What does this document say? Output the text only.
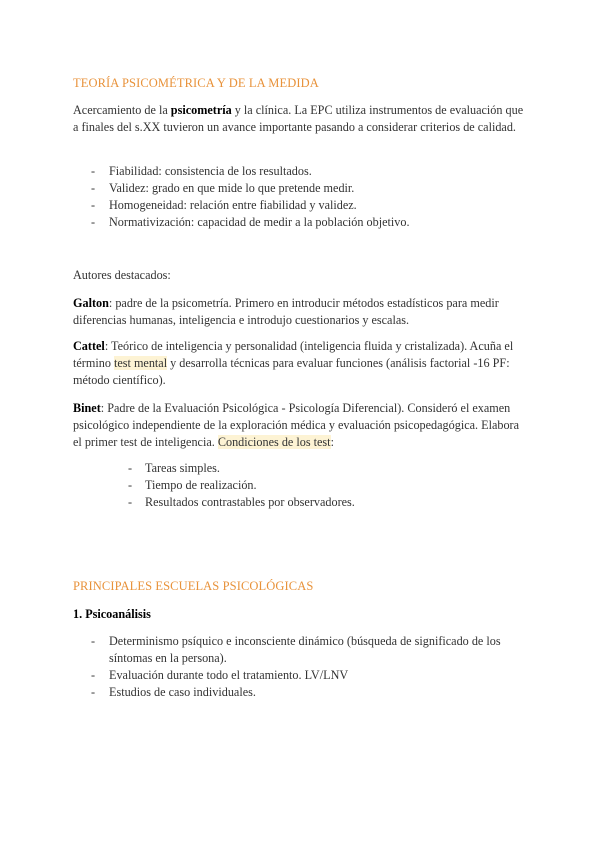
TEORÍA PSICOMÉTRICA Y DE LA MEDIDA

Acercamiento de la psicometría y la clínica. La EPC utiliza instrumentos de evaluación que a finales del s.XX tuvieron un avance importante pasando a considerar criterios de calidad.

- Fiabilidad: consistencia de los resultados.
- Validez: grado en que mide lo que pretende medir.
- Homogeneidad: relación entre fiabilidad y validez.
- Normativización: capacidad de medir a la población objetivo.

Autores destacados:

Galton: padre de la psicometría. Primero en introducir métodos estadísticos para medir diferencias humanas, inteligencia e introdujo cuestionarios y escalas.

Cattel: Teórico de inteligencia y personalidad (inteligencia fluida y cristalizada). Acuña el término test mental y desarrolla técnicas para evaluar funciones (análisis factorial -16 PF: método científico).

Binet: Padre de la Evaluación Psicológica - Psicología Diferencial). Consideró el examen psicológico independiente de la exploración médica y evaluación psicopedagógica. Elabora el primer test de inteligencia. Condiciones de los test:

- Tareas simples.
- Tiempo de realización.
- Resultados contrastables por observadores.
PRINCIPALES ESCUELAS PSICOLÓGICAS

1. Psicoanálisis

- Determinismo psíquico e inconsciente dinámico (búsqueda de significado de los síntomas en la persona).
- Evaluación durante todo el tratamiento. LV/LNV
- Estudios de caso individuales.
